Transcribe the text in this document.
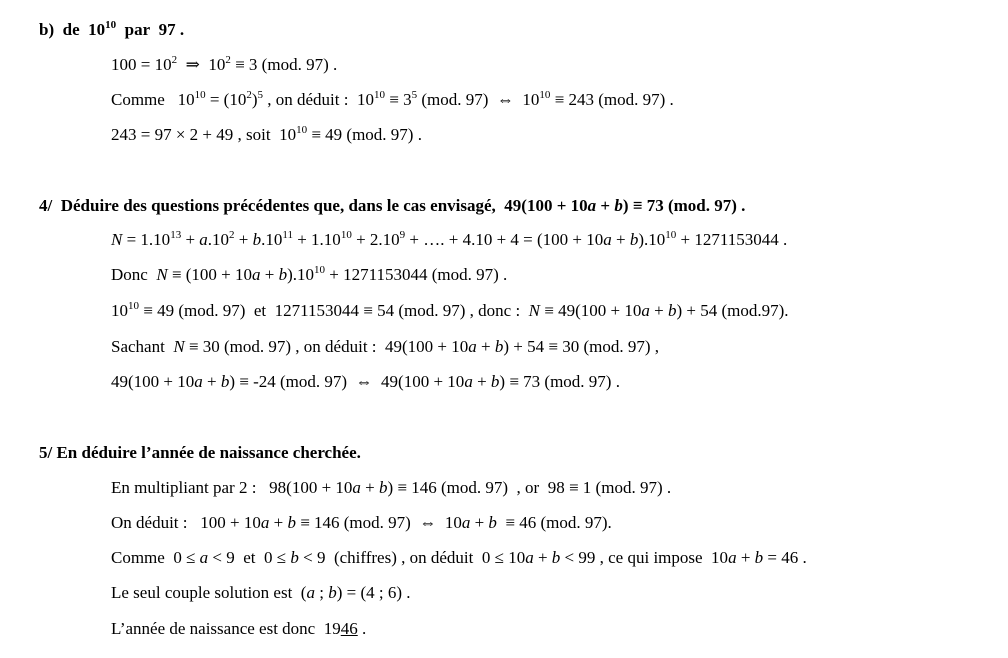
b)  de  $10^{10}$  par  97 .
$100 = 10^2$  ⇒  $10^2 \equiv 3$ (mod. 97) .
Comme   $10^{10} = (10^2)^5$ , on déduit :  $10^{10} \equiv 3^5$ (mod. 97)  ⇔  $10^{10} \equiv 243$ (mod. 97) .
243 = 97 × 2 + 49 , soit  $10^{10} \equiv 49$ (mod. 97) .
4/  Déduire des questions précédentes que, dans le cas envisagé,  49(100 + 10a + b) ≡ 73 (mod. 97) .
$N = 1.10^{13} + a.10^2 + b.10^{11} + 1.10^{10} + 2.10^9$ + …. + $4.10 + 4 = (100 + 10a + b).10^{10} + 1271153044$ .
Donc  $N \equiv (100 + 10a + b).10^{10} + 1271153044$ (mod. 97) .
$10^{10} \equiv 49$ (mod. 97)  et  1271153044 ≡ 54 (mod. 97) , donc :  N ≡ 49(100 + 10a + b) + 54 (mod.97).
Sachant  N ≡ 30 (mod. 97) , on déduit :  49(100 + 10a + b) + 54 ≡ 30 (mod. 97) ,
49(100 + 10a + b) ≡ -24 (mod. 97)  ⇔  49(100 + 10a + b) ≡ 73 (mod. 97) .
5/ En déduire l’année de naissance cherchée.
En multipliant par 2 :   98(100 + 10a + b) ≡ 146 (mod. 97)  , or  98 ≡ 1 (mod. 97) .
On déduit :   100 + 10a + b ≡ 146 (mod. 97)  ⇔  10a + b  ≡ 46 (mod. 97).
Comme  0 ≤ a < 9  et  0 ≤ b < 9  (chiffres) , on déduit  0 ≤ 10a + b < 99 , ce qui impose  10a + b = 46 .
Le seul couple solution est  (a ; b) = (4 ; 6) .
L’année de naissance est donc  1946 .
